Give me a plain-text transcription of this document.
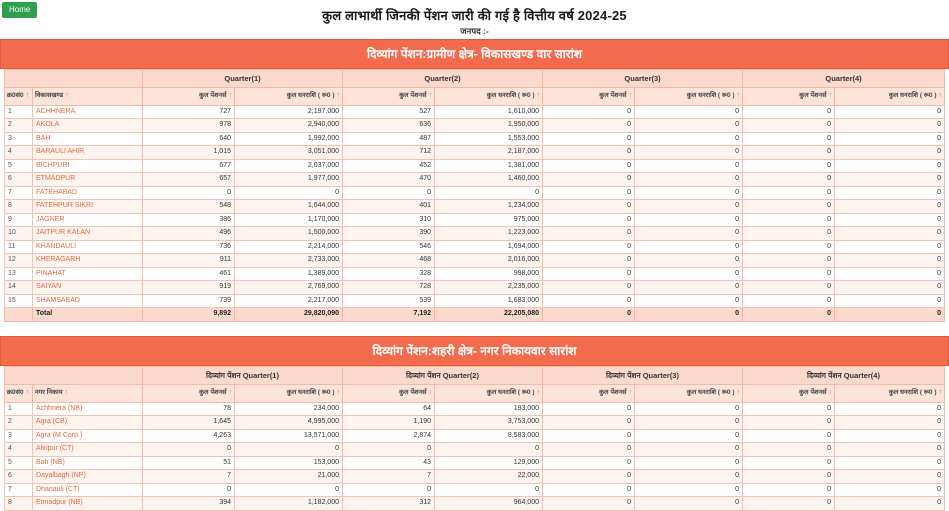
Home	कुल लाभार्थी जिनकी पेंशन जारी की गई है वित्तीय वर्ष 2024-25
जनपद :-
दिव्यांग पेंशन:ग्रामीण क्षेत्र- विकासखण्ड वार सारांश
		Quarter(1)		Quarter(2)		Quarter(3)		Quarter(4)	
क्र0सं0 ↑	विकासखण्ड ↑	कुल पेंशनर्स ↑	कुल धनराशि ( रू0 ) ↑	कुल पेंशनर्स ↑	कुल धनराशि ( रू0 ) ↑	कुल पेंशनर्स ↑	कुल धनराशि ( रू0 ) ↑	कुल पेंशनर्स ↑	कुल धनराशि ( रू0 ) ↑
1	ACHHNERA	727	2,197,000	527	1,610,000	0	0	0	0
2	AKOLA	978	2,940,000	636	1,950,000	0	0	0	0
3	BAH	640	1,992,000	487	1,553,000	0	0	0	0
4	BARAULI AHIR	1,015	3,051,000	712	2,187,000	0	0	0	0
5	BICHPURI	677	2,037,000	452	1,381,000	0	0	0	0
6	ETMADPUR	657	1,977,000	470	1,460,000	0	0	0	0
7	FATEHABAD	0	0	0	0	0	0	0	0
8	FATEHPUR SIKRI	548	1,644,000	401	1,234,000	0	0	0	0
9	JAGNER	386	1,170,000	310	975,000	0	0	0	0
10	JAITPUR KALAN	496	1,500,000	390	1,223,000	0	0	0	0
11	KHANDAULI	736	2,214,000	546	1,694,000	0	0	0	0
12	KHERAGARH	911	2,733,000	468	2,016,000	0	0	0	0
13	PINAHAT	461	1,389,000	328	998,000	0	0	0	0
14	SAIYAN	919	2,769,000	728	2,235,000	0	0	0	0
15	SHAMSABAD	739	2,217,000	539	1,683,000	0	0	0	0
	Total	9,892	29,820,090	7,192	22,205,080	0	0	0	0
दिव्यांग पेंशन:शहरी क्षेत्र- नगर निकायवार सारांश
		दिव्यांग पेंशन Quarter(1)		दिव्यांग पेंशन Quarter(2)		दिव्यांग पेंशन Quarter(3)		दिव्यांग पेंशन Quarter(4)	
क्र0सं0 ↑	नगर निकाय ↑	कुल पेंशनर्स ↑	कुल धनराशि ( रू0 ) ↑	कुल पेंशनर्स ↑	कुल धनराशि ( रू0 ) ↑	कुल पेंशनर्स ↑	कुल धनराशि ( रू0 ) ↑	कुल पेंशनर्स ↑	कुल धनराशि ( रू0 ) ↑
1	Achhnera (NB)	78	234,000	64	193,000	0	0	0	0
2	Agra (CB)	1,645	4,995,000	1,190	3,753,000	0	0	0	0
3	Agra (M Corp.)	4,263	13,571,000	2,874	8,583,000	0	0	0	0
4	Aliripur (CT)	0	0	0	0	0	0	0	0
5	Bah (NB)	51	153,000	43	129,000	0	0	0	0
6	Dayalbagh (NP)	7	21,000	7	22,000	0	0	0	0
7	Dhanauli (CT)	0	0	0	0	0	0	0	0
8	Etmadpur (NB)	394	1,182,000	312	964,000	0	0	0	0
